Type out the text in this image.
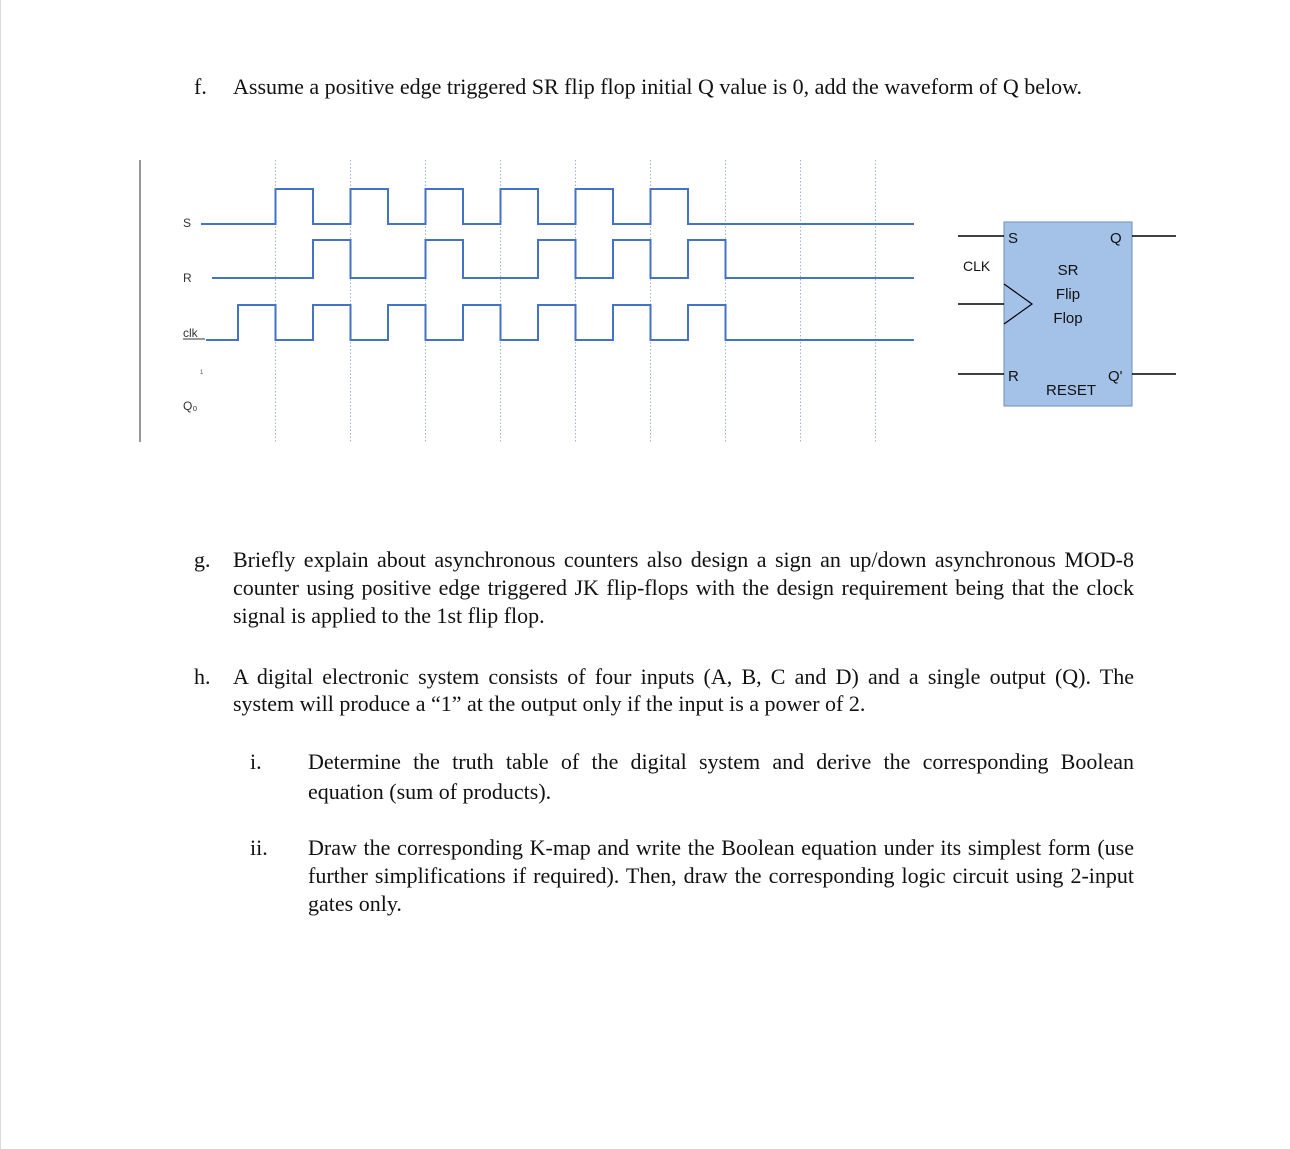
f. Assume a positive edge triggered SR flip flop initial Q value is 0, add the waveform of Q below.
S
R
clk
1
Q₀
S	Q
CLK	SR
Flip
Flop
R	Q'
RESET
g. Briefly explain about asynchronous counters also design a sign an up/down asynchronous MOD-8 counter using positive edge triggered JK flip-flops with the design requirement being that the clock signal is applied to the 1st flip flop.
h. A digital electronic system consists of four inputs (A, B, C and D) and a single output (Q). The system will produce a “1” at the output only if the input is a power of 2.
i. Determine the truth table of the digital system and derive the corresponding Boolean equation (sum of products).
ii. Draw the corresponding K-map and write the Boolean equation under its simplest form (use further simplifications if required). Then, draw the corresponding logic circuit using 2-input gates only.
